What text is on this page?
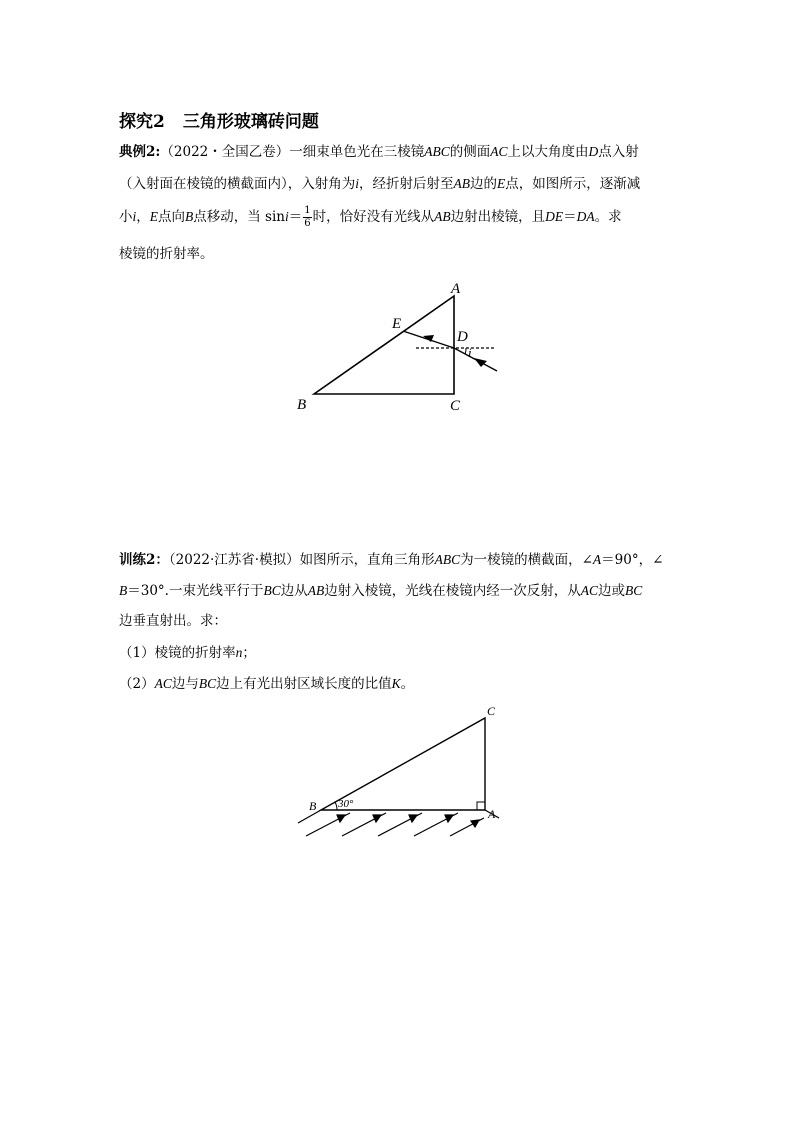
探究2 三角形玻璃砖问题
典例2:（2022・全国乙卷）一细束单色光在三棱镜ABC的侧面AC上以大角度由D点入射
（入射面在棱镜的横截面内），入射角为i，经折射后射至AB边的E点，如图所示，逐渐减
小i，E点向B点移动，当 $\sin i= \frac{1}{6}$ 时，恰好没有光线从AB边射出棱镜，且DE＝DA。求
棱镜的折射率。
A
B	C
D
E
i
训练2：（2022·江苏省·模拟）如图所示，直角三角形ABC为一棱镜的横截面，∠A＝90°，∠
B＝30°.一束光线平行于BC边从AB边射入棱镜，光线在棱镜内经一次反射，从AC边或BC
边垂直射出。求：
（1）棱镜的折射率n；
（2）AC边与BC边上有光出射区域长度的比值K。
C
B
A
30°
